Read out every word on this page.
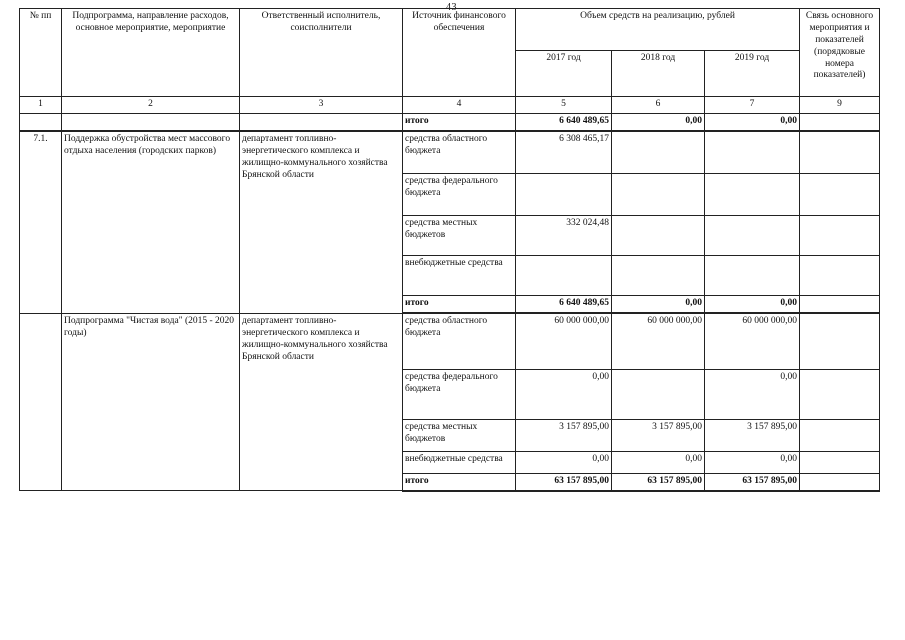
43
№ пп	Подпрограмма, направление расходов, основное мероприятие, мероприятие	Ответственный исполнитель, соисполнители	Источник финансового обеспечения	Объем средств на реализацию, рублей			Связь основного мероприятия и показателей (порядковые номера показателей)
				2017 год	2018 год	2019 год	
1	2	3	4	5	6	7	9
			итого	6 640 489,65	0,00	0,00	
7.1.	Поддержка обустройства мест массового отдыха населения (городских парков)	департамент топливно-энергетического комплекса и жилищно-коммунального хозяйства Брянской области	средства областного бюджета	6 308 465,17			
			средства федерального бюджета				
			средства местных бюджетов	332 024,48			
			внебюджетные средства				
			итого	6 640 489,65	0,00	0,00	
	Подпрограмма "Чистая вода" (2015 - 2020 годы)	департамент топливно-энергетического комплекса и жилищно-коммунального хозяйства Брянской области	средства областного бюджета	60 000 000,00	60 000 000,00	60 000 000,00	
			средства федерального бюджета	0,00		0,00	
			средства местных бюджетов	3 157 895,00	3 157 895,00	3 157 895,00	
			внебюджетные средства	0,00	0,00	0,00	
			итого	63 157 895,00	63 157 895,00	63 157 895,00	
